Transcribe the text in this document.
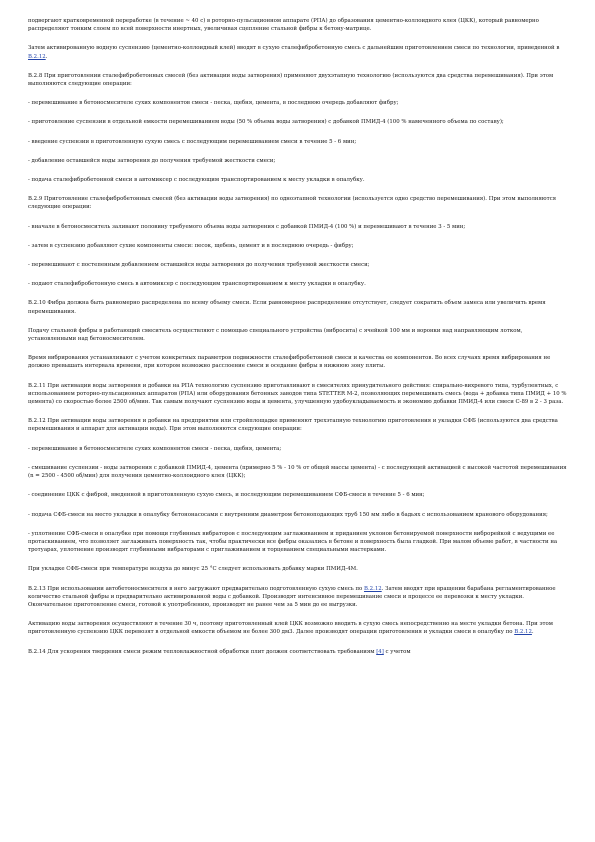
подвергают кратковременной переработке (в течение ~ 40 с) в роторно-пульсационном аппарате (РПА) до образования цементно-коллоидного клея (ЦКК), который равномерно распределяют тонким слоем по всей поверхности инертных, увеличивая сцепление стальной фибры к бетону-матрице.

Затем активированную водную суспензию (цементно-коллоидный клей) вводят в сухую сталефибробетонную смесь с дальнейшим приготовлением смеси по технологии, приведенной в В.2.12.

В.2.8 При приготовлении сталефибробетонных смесей (без активации воды затворения) применяют двухэтапную технологию (используются два средства перемешивания). При этом выполняются следующие операции:

- перемешивание в бетоносмесителе сухих компонентов смеси - песка, щебня, цемента, в последнюю очередь добавляют фибру;

- приготовление суспензии в отдельной емкости перемешиванием воды (50 % объема воды затворения) с добавкой ПМИД-4 (100 % намеченного объема по составу);

- введение суспензии в приготовленную сухую смесь с последующим перемешиванием смеси в течение 5 - 6 мин;

- добавление оставшейся воды затворения до получения требуемой жесткости смеси;

- подача сталефибробетонной смеси в автомиксер с последующим транспортированием к месту укладки в опалубку.

В.2.9 Приготовление сталефибробетонных смесей (без активации воды затворения) по одноэтапной технологии (используется одно средство перемешивания). При этом выполняются следующие операции:

- вначале в бетоносмеситель заливают половину требуемого объема воды затворения с добавкой ПМИД-4 (100 %) и перемешивают в течение 3 - 5 мин;

- затем в суспензию добавляют сухие компоненты смеси: песок, щебень, цемент и в последнюю очередь - фибру;

- перемешивают с постепенным добавлением оставшейся воды затворения до получения требуемой жесткости смеси;

- подают сталефибробетонную смесь в автомиксер с последующим транспортированием к месту укладки в опалубку.

В.2.10 Фибра должна быть равномерно распределена по всему объему смеси. Если равномерное распределение отсутствует, следует сократить объем замеса или увеличить время перемешивания.

Подачу стальной фибры в работающий смеситель осуществляют с помощью специального устройства (вибросита) с ячейкой 100 мм и воронки над направляющим лотком, установленными над бетоносмесителем.

Время вибрирования устанавливают с учетом конкретных параметров подвижности сталефибробетонной смеси и качества ее компонентов. Во всех случаях время вибрирования не должно превышать интервала времени, при котором возможно расслоение смеси и оседание фибры в нижнюю зону плиты.

В.2.11 При активации воды затворения и добавки на РПА технологию суспензию приготавливают в смесителях принудительного действия: спирально-вихревого типа, турбулентных, с использованием роторно-пульсационных аппаратов (РПА) или оборудования бетонных заводов типа STETTER M-2, позволяющих перемешивать смесь (вода + добавка типа ПМИД + 10 % цемента) со скоростью более 2500 об/мин. Так самым получают суспензию воды и цемента, улучшенную удобоукладываемость и экономию добавки ПМИД-4 или смеси С-89 в 2 - 3 раза.

В.2.12 При активации воды затворения и добавки на предприятии или стройплощадке применяют трехэтапную технологию приготовления и укладки СФБ (используются два средства перемешивания и аппарат для активации воды). При этом выполняются следующие операции:

- перемешивание в бетоносмесителе сухих компонентов смеси - песка, щебня, цемента;

- смешивание суспензии - воды затворения с добавкой ПМИД-4, цемента (примерно 5 % - 10 % от общей массы цемента) - с последующей активацией с высокой частотой перемешивания (n = 2500 - 4500 об/мин) для получения цементно-коллоидного клея (ЦКК);

- соединение ЦКК с фиброй, введенной в приготовленную сухую смесь, и последующим перемешиванием СФБ-смеси в течение 5 - 6 мин;

- подача СФБ-смеси на место укладки в опалубку бетононасосами с внутренним диаметром бетоноподающих труб 150 мм либо в бадьях с использованием кранового оборудования;

- уплотнение СФБ-смеси в опалубке при помощи глубинных вибраторов с последующим заглаживанием и приданием уклонов бетонируемой поверхности виброрейкой с ведущими ее протаскиванием, что позволяет заглаживать поверхность так, чтобы практически все фибры оказались в бетоне и поверхность была гладкой. При малом объеме работ, в частности на тротуарах, уплотнение производят глубинными вибраторами с приглаживанием и торцеванием специальными мастерками.

При укладке СФБ-смеси при температуре воздуха до минус 25 °С следует использовать добавку марки ПМИД-4М.

В.2.13 При использовании автобетоносмесителя в него загружают предварительно подготовленную сухую смесь по В.2.12. Затем вводят при вращении барабана регламентированное количество стальной фибры и предварительно активированной воды с добавкой. Производят интенсивное перемешивание смеси и процессе ее перевозки к месту укладки. Окончательное приготовление смеси, готовой к употреблению, производят не ранее чем за 5 мин до ее выгрузки.

Активацию воды затворения осуществляют в течение 30 ч, поэтому приготовленный клей ЦКК возможно вводить в сухую смесь непосредственно на месте укладки бетона. При этом приготовленную суспензию ЦКК перевозят в отдельной емкости объемом не более 300 дм3. Далее производят операции приготовления и укладки смеси в опалубку по В.2.12.

В.2.14 Для ускорения твердения смеси режим тепловлажностной обработки плит должен соответствовать требованиям [4] с учетом
